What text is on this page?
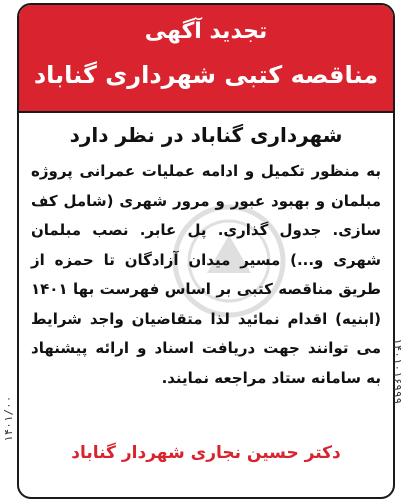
تجدید آگهی
مناقصه کتبی شهرداری گناباد
شهرداری گناباد در نظر دارد
به منظور تکمیل و ادامه عملیات عمرانی پروژه مبلمان و بهبود عبور و مرور شهری (شامل کف سازی. جدول گذاری. پل عابر. نصب مبلمان شهری و...) مسیر میدان آزادگان تا حمزه از طریق مناقصه کتبی بر اساس فهرست بها ۱۴۰۱ (ابنیه) اقدام نمائید لذا متقاضیان واجد شرایط می توانند جهت دریافت اسناد و ارائه پیشنهاد به سامانه ستاد مراجعه نمایند.
دکتر حسین نجاری شهردار گناباد
۱۴۰۱۰۱۶۹۹۹
۱۴۰۱/۰۰
